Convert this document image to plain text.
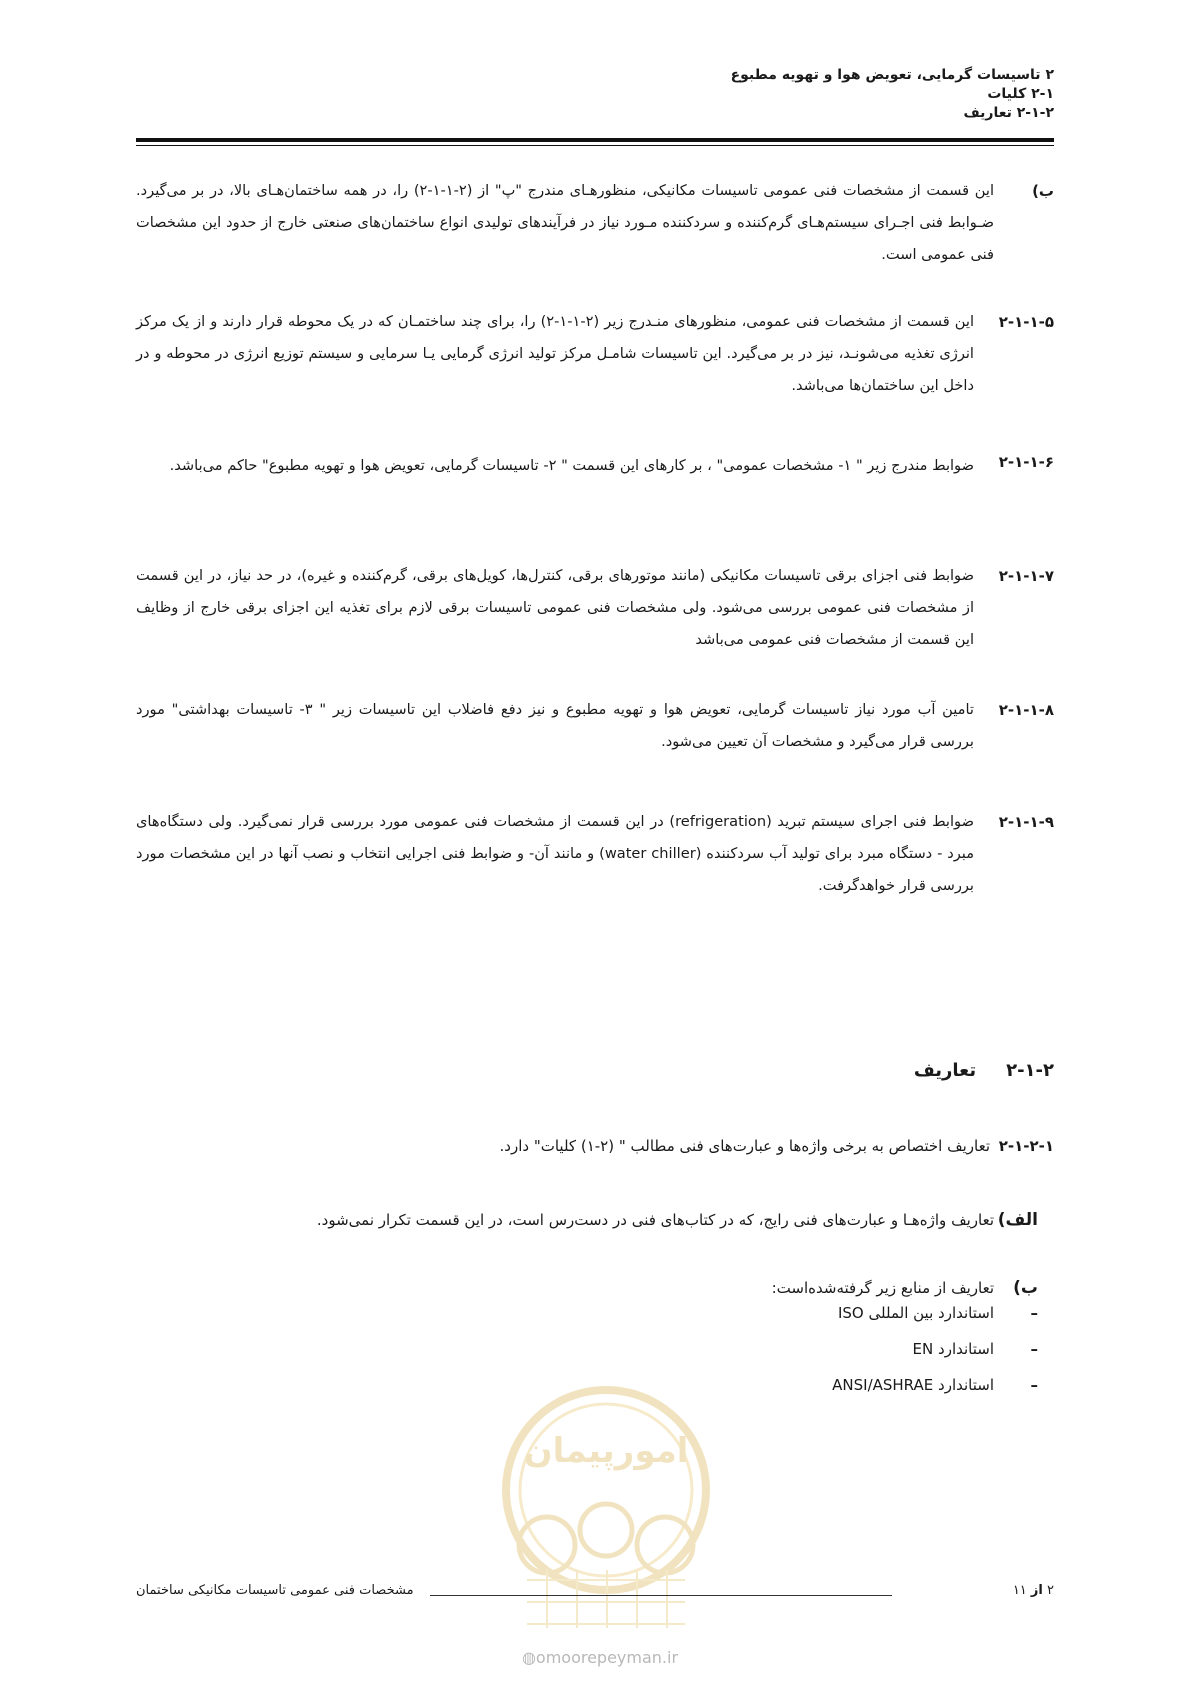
۲ تاسیسات گرمایی، تعویض هوا و تهویه مطبوع
۲-۱ کلیات
۲-۱-۲ تعاریف
ب)
این قسمت از مشخصات فنی عمومی تاسیسات مکانیکی، منظورهـای مندرج "پ" از (۲-۱-۱-۲) را، در همه ساختمان‌هـای بالا، در بر می‌گیرد. ضـوابط فنی اجـرای سیستم‌هـای گرم‌کننده و سردکننده مـورد نیاز در فرآیندهای تولیدی انواع ساختمان‌های صنعتی خارج از حدود این مشخصات فنی عمومی است.
۲-۱-۱-۵
این قسمت از مشخصات فنی عمومی، منظورهای منـدرج زیر (۲-۱-۱-۲) را، برای چند ساختمـان که در یک محوطه قرار دارند و از یک مرکز انرژی تغذیه می‌شونـد، نیز در بر می‌گیرد. این تاسیسات شامـل مرکز تولید انرژی گرمایی یـا سرمایی و سیستم توزیع انرژی در محوطه و در داخل این ساختمان‌ها می‌باشد.
۲-۱-۱-۶
ضوابط مندرج زیر " ۱- مشخصات عمومی" ، بر کارهای این قسمت " ۲- تاسیسات گرمایی، تعویض هوا و تهویه مطبوع" حاکم می‌باشد.
۲-۱-۱-۷
ضوابط فنی اجزای برقی تاسیسات مکانیکی (مانند موتورهای برقی، کنترل‌ها، کویل‌های برقی، گرم‌کننده و غیره)، در حد نیاز، در این قسمت از مشخصات فنی عمومی بررسی می‌شود. ولی مشخصات فنی عمومی تاسیسات برقی لازم برای تغذیه این اجزای برقی خارج از وظایف این قسمت از مشخصات فنی عمومی می‌باشد
۲-۱-۱-۸
تامین آب مورد نیاز تاسیسات گرمایی، تعویض هوا و تهویه مطبوع و نیز دفع فاضلاب این تاسیسات زیر " ۳- تاسیسات بهداشتی" مورد بررسی قرار می‌گیرد و مشخصات آن تعیین می‌شود.
۲-۱-۱-۹
ضوابط فنی اجرای سیستم تبرید (refrigeration) در این قسمت از مشخصات فنی عمومی مورد بررسی قرار نمی‌گیرد. ولی دستگاه‌های مبرد - دستگاه مبرد برای تولید آب سردکننده (water chiller) و مانند آن- و ضوابط فنی اجرایی انتخاب و نصب آنها در این مشخصات مورد بررسی قرار خواهدگرفت.
۲-۱-۲تعاریف
۲-۱-۲-۱تعاریف اختصاص به برخی واژه‌ها و عبارت‌های فنی مطالب " (۲-۱) کلیات" دارد.
الف)تعاریف واژه‌هـا و عبارت‌های فنی رایج، که در کتاب‌های فنی در دست‌رس است، در این قسمت تکرار نمی‌شود.
ب)تعاریف از منابع زیر گرفته‌شده‌است:
–استاندارد بین المللی ISO
–استاندارد EN
–استاندارد ANSI/ASHRAE
امورپیمان
مشخصات فنی عمومی تاسیسات مکانیکی ساختمان	۲ از ۱۱
◍omoorepeyman.ir
